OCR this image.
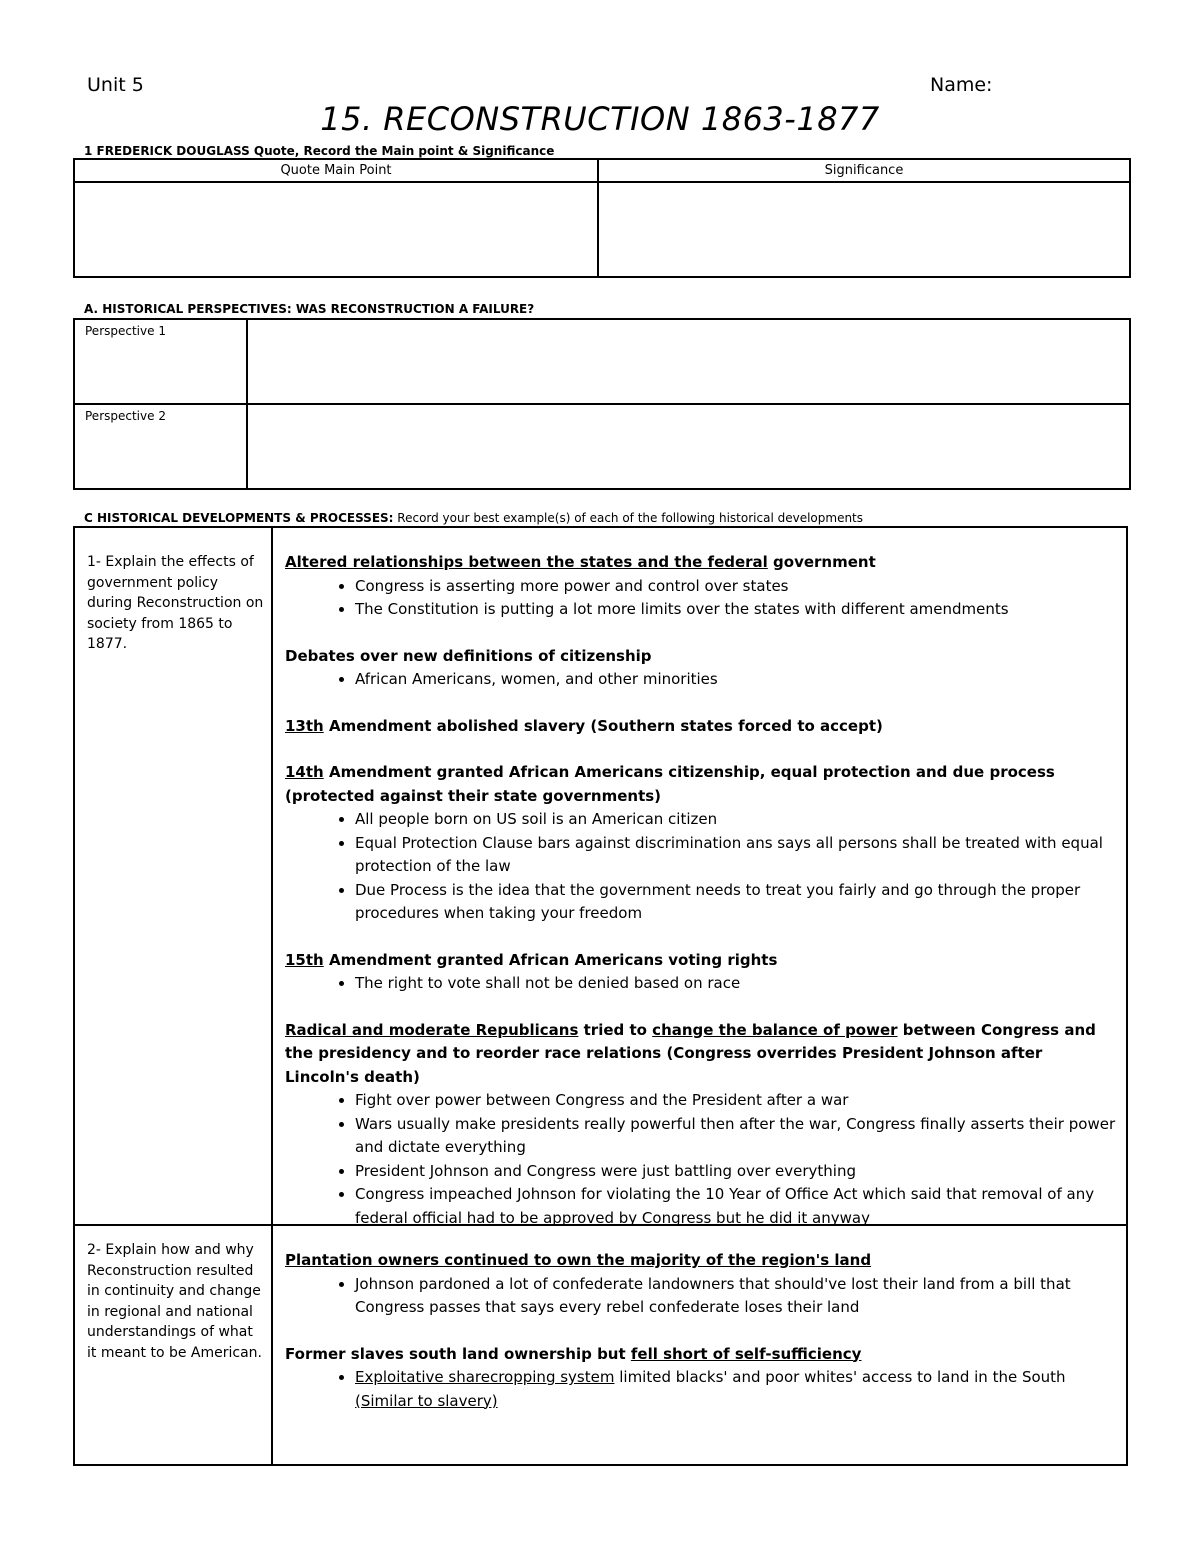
Unit 5	Name:
15. RECONSTRUCTION 1863-1877
1 FREDERICK DOUGLASS Quote, Record the Main point & Significance
Quote Main Point	Significance
A. HISTORICAL PERSPECTIVES: WAS RECONSTRUCTION A FAILURE?
Perspective 1
Perspective 2
C HISTORICAL DEVELOPMENTS & PROCESSES: Record your best example(s) of each of the following historical developments
1- Explain the effects of government policy during Reconstruction on society from 1865 to 1877.
2- Explain how and why Reconstruction resulted in continuity and change in regional and national understandings of what it meant to be American.

Altered relationships between the states and the federal government

• Congress is asserting more power and control over states
• The Constitution is putting a lot more limits over the states with different amendments

Debates over new definitions of citizenship

• African Americans, women, and other minorities

13th Amendment abolished slavery (Southern states forced to accept)

14th Amendment granted African Americans citizenship, equal protection and due process (protected against their state governments)

• All people born on US soil is an American citizen
• Equal Protection Clause bars against discrimination ans says all persons shall be treated with equal protection of the law
• Due Process is the idea that the government needs to treat you fairly and go through the proper procedures when taking your freedom

15th Amendment granted African Americans voting rights

• The right to vote shall not be denied based on race

Radical and moderate Republicans tried to change the balance of power between Congress and the presidency and to reorder race relations (Congress overrides President Johnson after Lincoln's death)

• Fight over power between Congress and the President after a war
• Wars usually make presidents really powerful then after the war, Congress finally asserts their power and dictate everything
• President Johnson and Congress were just battling over everything
• Congress impeached Johnson for violating the 10 Year of Office Act which said that removal of any federal official had to be approved by Congress but he did it anyway

Plantation owners continued to own the majority of the region's land

• Johnson pardoned a lot of confederate landowners that should've lost their land from a bill that Congress passes that says every rebel confederate loses their land

Former slaves south land ownership but fell short of self-sufficiency

• Exploitative sharecropping system limited blacks' and poor whites' access to land in the South (Similar to slavery)
